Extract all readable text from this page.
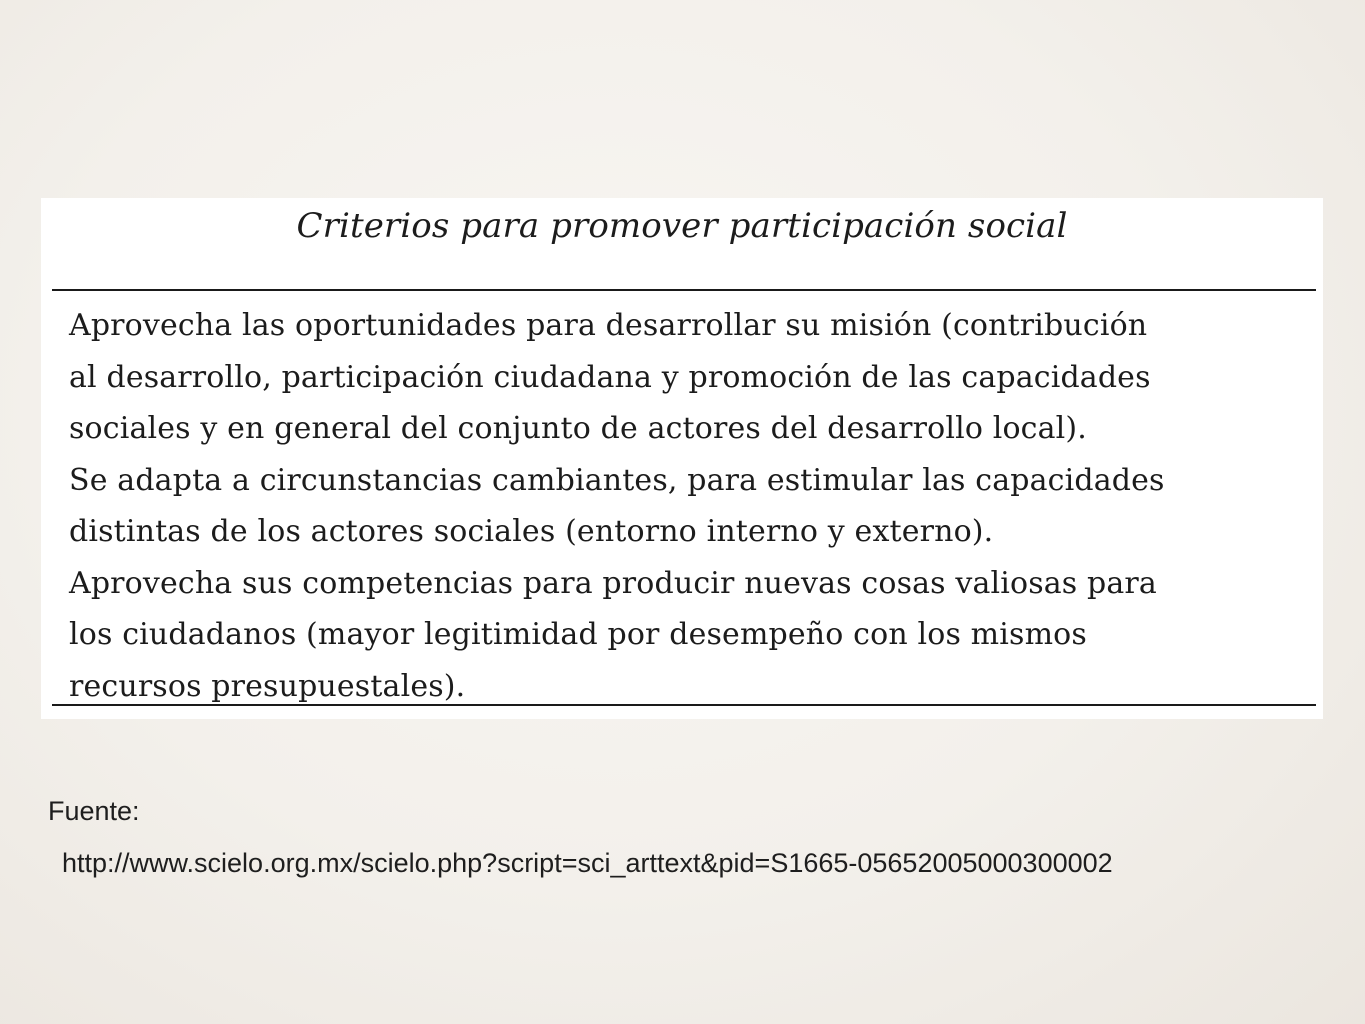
Criterios para promover participación social
Aprovecha las oportunidades para desarrollar su misión (contribución
al desarrollo, participación ciudadana y promoción de las capacidades
sociales y en general del conjunto de actores del desarrollo local).
Se adapta a circunstancias cambiantes, para estimular las capacidades
distintas de los actores sociales (entorno interno y externo).
Aprovecha sus competencias para producir nuevas cosas valiosas para
los ciudadanos (mayor legitimidad por desempeño con los mismos
recursos presupuestales).
Fuente:
http://www.scielo.org.mx/scielo.php?script=sci_arttext&pid=S1665-05652005000300002
